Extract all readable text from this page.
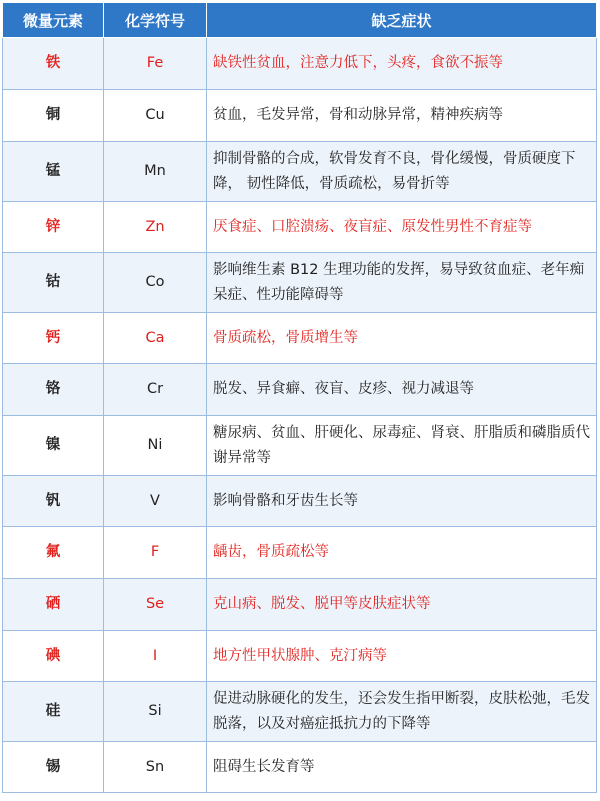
微量元素	化学符号	缺乏症状
铁	Fe	缺铁性贫血，注意力低下，头疼，食欲不振等
铜	Cu	贫血，毛发异常，骨和动脉异常，精神疾病等
锰	Mn	抑制骨骼的合成，软骨发育不良，骨化缓慢，骨质硬度下降， 韧性降低，骨质疏松，易骨折等
锌	Zn	厌食症、口腔溃疡、夜盲症、原发性男性不育症等
钴	Co	影响维生素 B12 生理功能的发挥，易导致贫血症、老年痴呆症、性功能障碍等
钙	Ca	骨质疏松，骨质增生等
铬	Cr	脱发、异食癖、夜盲、皮疹、视力减退等
镍	Ni	糖尿病、贫血、肝硬化、尿毒症、肾衰、肝脂质和磷脂质代谢异常等
钒	V	影响骨骼和牙齿生长等
氟	F	龋齿，骨质疏松等
硒	Se	克山病、脱发、脱甲等皮肤症状等
碘	I	地方性甲状腺肿、克汀病等
硅	Si	促进动脉硬化的发生，还会发生指甲断裂，皮肤松弛，毛发脱落，以及对癌症抵抗力的下降等
锡	Sn	阻碍生长发育等
